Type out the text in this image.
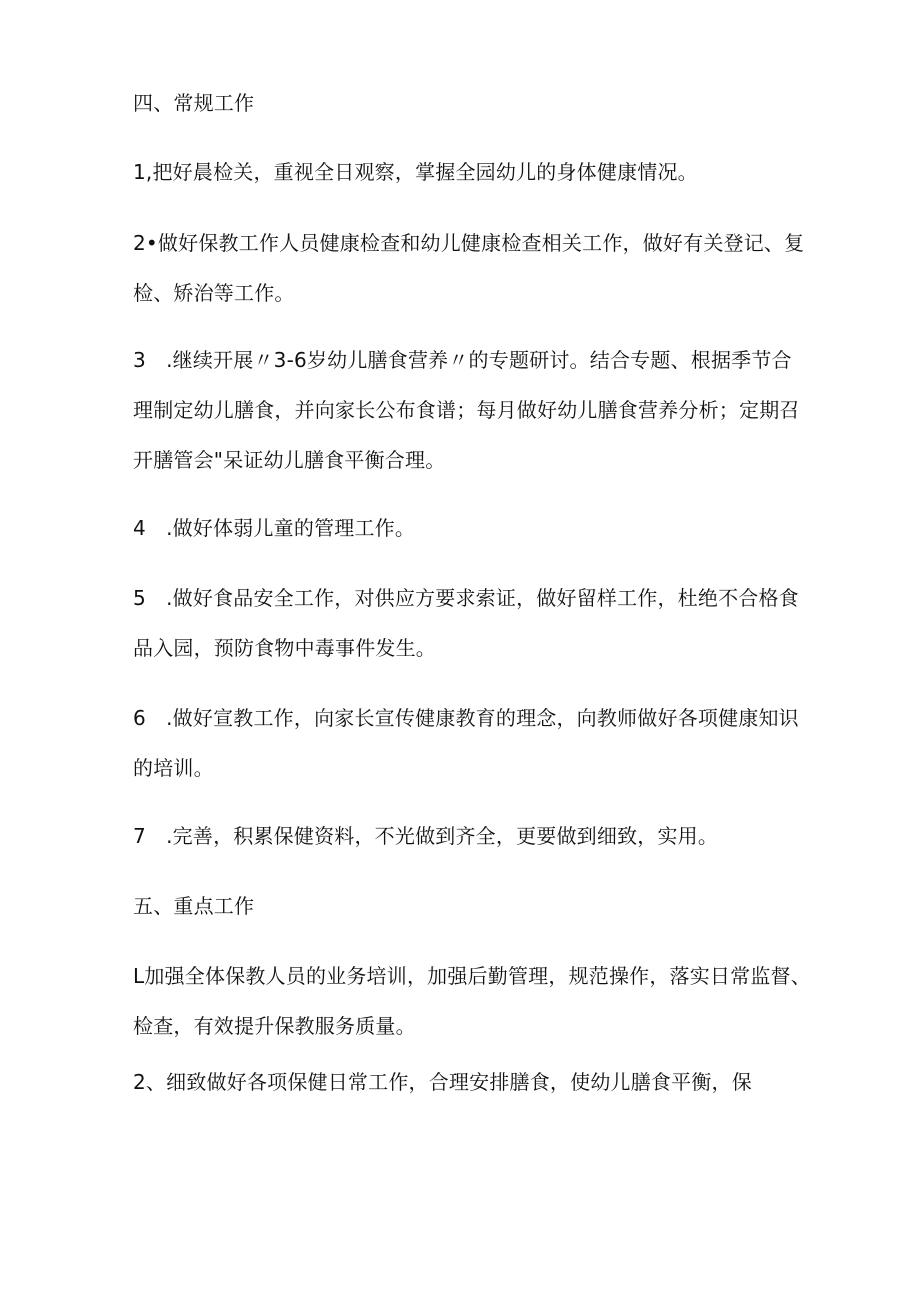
四、常规工作
1,把好晨检关，重视全日观察，掌握全园幼儿的身体健康情况。
2•做好保教工作人员健康检查和幼儿健康检查相关工作，做好有关登记、复
检、矫治等工作。
3　.继续开展〃3-6岁幼儿膳食营养〃的专题研讨。结合专题、根据季节合
理制定幼儿膳食，并向家长公布食谱；每月做好幼儿膳食营养分析；定期召
开膳管会"呆证幼儿膳食平衡合理。
4　.做好体弱儿童的管理工作。
5　.做好食品安全工作，对供应方要求索证，做好留样工作，杜绝不合格食
品入园，预防食物中毒事件发生。
6　.做好宣教工作，向家长宣传健康教育的理念，向教师做好各项健康知识
的培训。
7　.完善，积累保健资料，不光做到齐全，更要做到细致，实用。
五、重点工作
L加强全体保教人员的业务培训，加强后勤管理，规范操作，落实日常监督、
检查，有效提升保教服务质量。
2、细致做好各项保健日常工作，合理安排膳食，使幼儿膳食平衡，保
